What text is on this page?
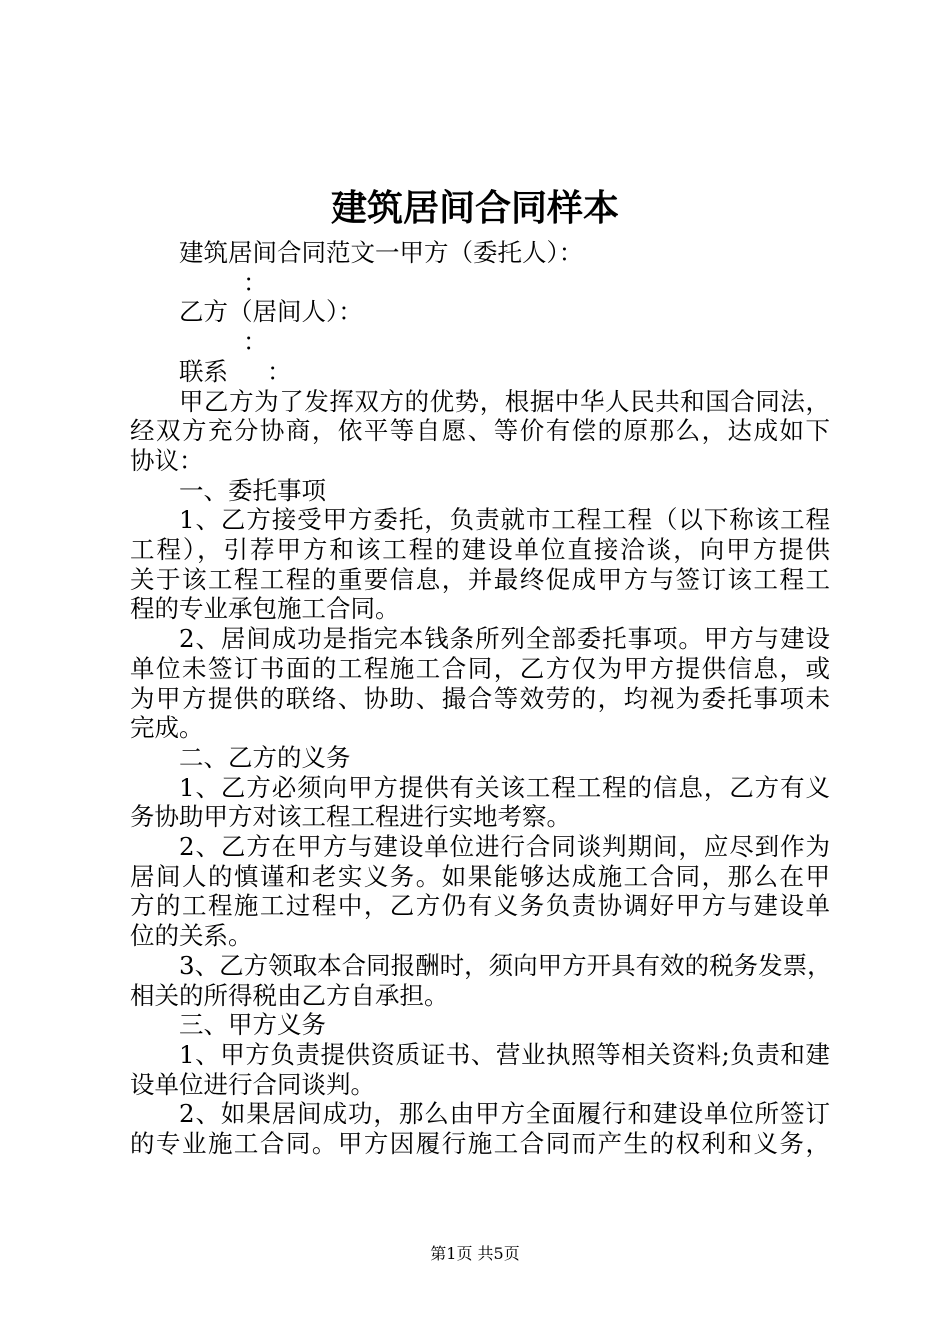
建筑居间合同样本
建筑居间合同范文一甲方（委托人）：
：
乙方（居间人）：
：
联系 ：
甲乙方为了发挥双方的优势，根据中华人民共和国合同法，
经双方充分协商，依平等自愿、等价有偿的原那么，达成如下
协议：
一、委托事项
1、乙方接受甲方委托，负责就市工程工程（以下称该工程
工程），引荐甲方和该工程的建设单位直接洽谈，向甲方提供
关于该工程工程的重要信息，并最终促成甲方与签订该工程工
程的专业承包施工合同。
2、居间成功是指完本钱条所列全部委托事项。甲方与建设
单位未签订书面的工程施工合同，乙方仅为甲方提供信息，或
为甲方提供的联络、协助、撮合等效劳的，均视为委托事项未
完成。
二、乙方的义务
1、乙方必须向甲方提供有关该工程工程的信息，乙方有义
务协助甲方对该工程工程进行实地考察。
2、乙方在甲方与建设单位进行合同谈判期间，应尽到作为
居间人的慎谨和老实义务。如果能够达成施工合同，那么在甲
方的工程施工过程中，乙方仍有义务负责协调好甲方与建设单
位的关系。
3、乙方领取本合同报酬时，须向甲方开具有效的税务发票，
相关的所得税由乙方自承担。
三、甲方义务
1、甲方负责提供资质证书、营业执照等相关资料;负责和建
设单位进行合同谈判。
2、如果居间成功，那么由甲方全面履行和建设单位所签订
的专业施工合同。甲方因履行施工合同而产生的权利和义务，
第1页 共5页
